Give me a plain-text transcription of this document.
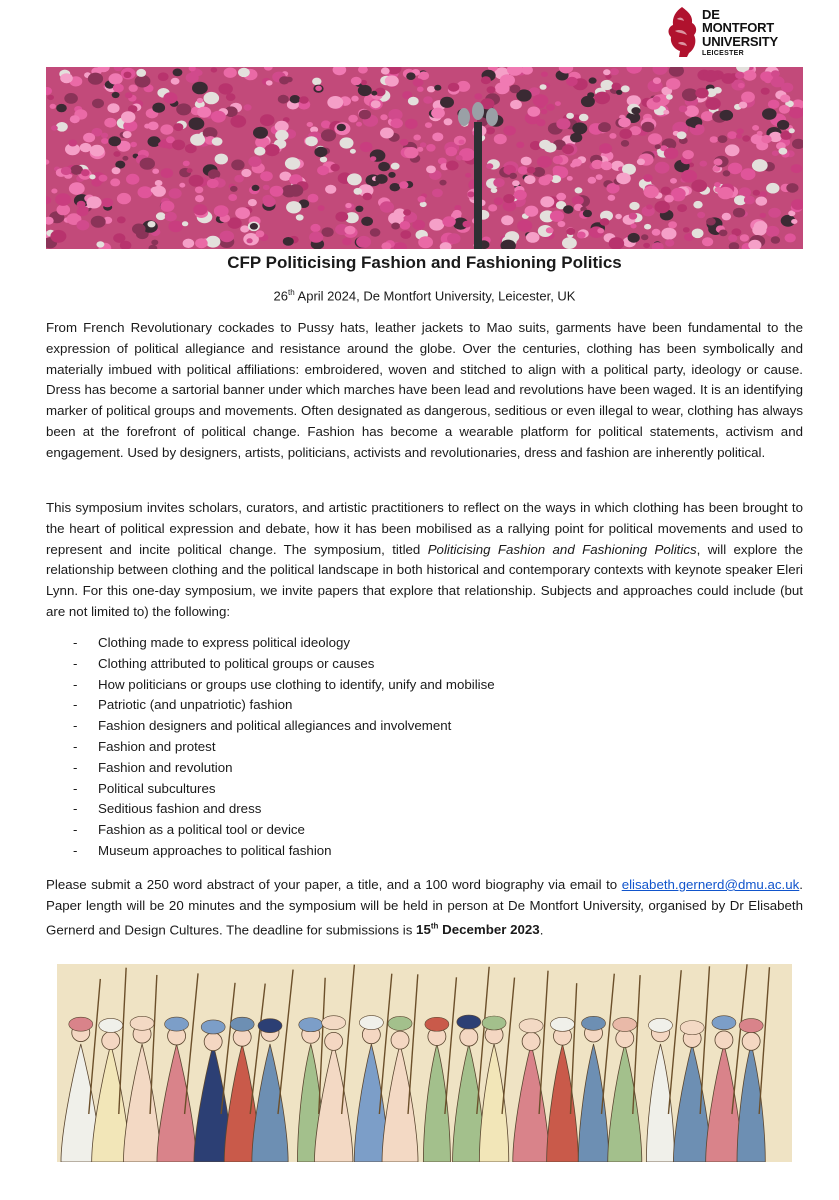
DE MONTFORT
UNIVERSITY
LEICESTER
CFP Politicising Fashion and Fashioning Politics
26th April 2024, De Montfort University, Leicester, UK

From French Revolutionary cockades to Pussy hats, leather jackets to Mao suits, garments have been fundamental to the expression of political allegiance and resistance around the globe. Over the centuries, clothing has been symbolically and materially imbued with political affiliations: embroidered, woven and stitched to align with a political party, ideology or cause. Dress has become a sartorial banner under which marches have been lead and revolutions have been waged. It is an identifying marker of political groups and movements. Often designated as dangerous, seditious or even illegal to wear, clothing has always been at the forefront of political change. Fashion has become a wearable platform for political statements, activism and engagement. Used by designers, artists, politicians, activists and revolutionaries, dress and fashion are inherently political.

This symposium invites scholars, curators, and artistic practitioners to reflect on the ways in which clothing has been brought to the heart of political expression and debate, how it has been mobilised as a rallying point for political movements and used to represent and incite political change. The symposium, titled Politicising Fashion and Fashioning Politics, will explore the relationship between clothing and the political landscape in both historical and contemporary contexts with keynote speaker Eleri Lynn. For this one-day symposium, we invite papers that explore that relationship. Subjects and approaches could include (but are not limited to) the following:

-	Clothing made to express political ideology
-	Clothing attributed to political groups or causes
-	How politicians or groups use clothing to identify, unify and mobilise
-	Patriotic (and unpatriotic) fashion
-	Fashion designers and political allegiances and involvement
-	Fashion and protest
-	Fashion and revolution
-	Political subcultures
-	Seditious fashion and dress
-	Fashion as a political tool or device
-	Museum approaches to political fashion

Please submit a 250 word abstract of your paper, a title, and a 100 word biography via email to elisabeth.gernerd@dmu.ac.uk. Paper length will be 20 minutes and the symposium will be held in person at De Montfort University, organised by Dr Elisabeth Gernerd and Design Cultures. The deadline for submissions is 15th December 2023.
